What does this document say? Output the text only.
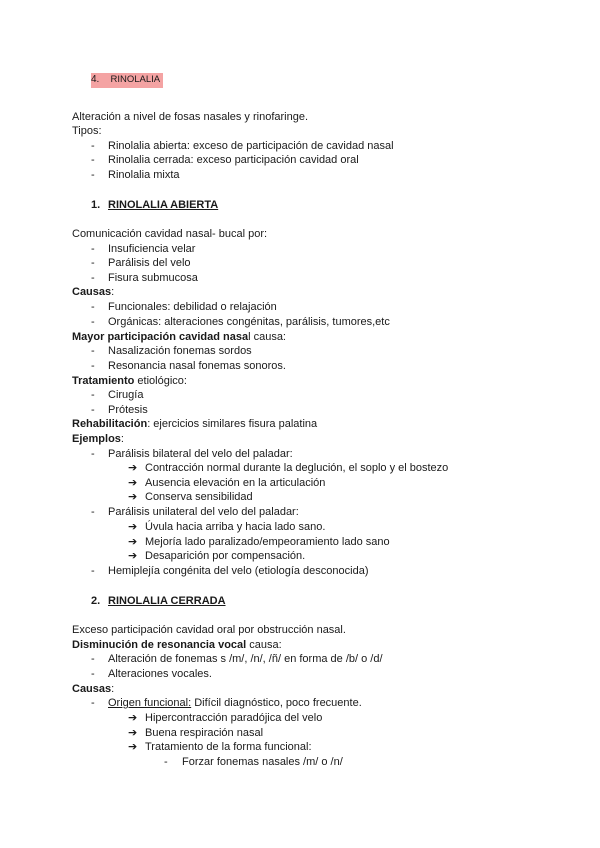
4. RINOLALIA
Alteración a nivel de fosas nasales y rinofaringe.
Tipos:
- Rinolalia abierta: exceso de participación de cavidad nasal
- Rinolalia cerrada: exceso participación cavidad oral
- Rinolalia mixta
1. RINOLALIA ABIERTA
Comunicación cavidad nasal- bucal por:
- Insuficiencia velar
- Parálisis del velo
- Fisura submucosa
Causas:
- Funcionales: debilidad o relajación
- Orgánicas: alteraciones congénitas, parálisis, tumores,etc
Mayor participación cavidad nasal causa:
- Nasalización fonemas sordos
- Resonancia nasal fonemas sonoros.
Tratamiento etiológico:
- Cirugía
- Prótesis
Rehabilitación: ejercicios similares fisura palatina
Ejemplos:
- Parálisis bilateral del velo del paladar:
➔ Contracción normal durante la deglución, el soplo y el bostezo
➔ Ausencia elevación en la articulación
➔ Conserva sensibilidad
- Parálisis unilateral del velo del paladar:
➔ Úvula hacia arriba y hacia lado sano.
➔ Mejoría lado paralizado/empeoramiento lado sano
➔ Desaparición por compensación.
- Hemiplejía congénita del velo (etiología desconocida)
2. RINOLALIA CERRADA
Exceso participación cavidad oral por obstrucción nasal.
Disminución de resonancia vocal causa:
- Alteración de fonemas s /m/, /n/, /ñ/ en forma de /b/ o /d/
- Alteraciones vocales.
Causas:
- Origen funcional: Difícil diagnóstico, poco frecuente.
➔ Hipercontracción paradójica del velo
➔ Buena respiración nasal
➔ Tratamiento de la forma funcional:
- Forzar fonemas nasales /m/ o /n/
